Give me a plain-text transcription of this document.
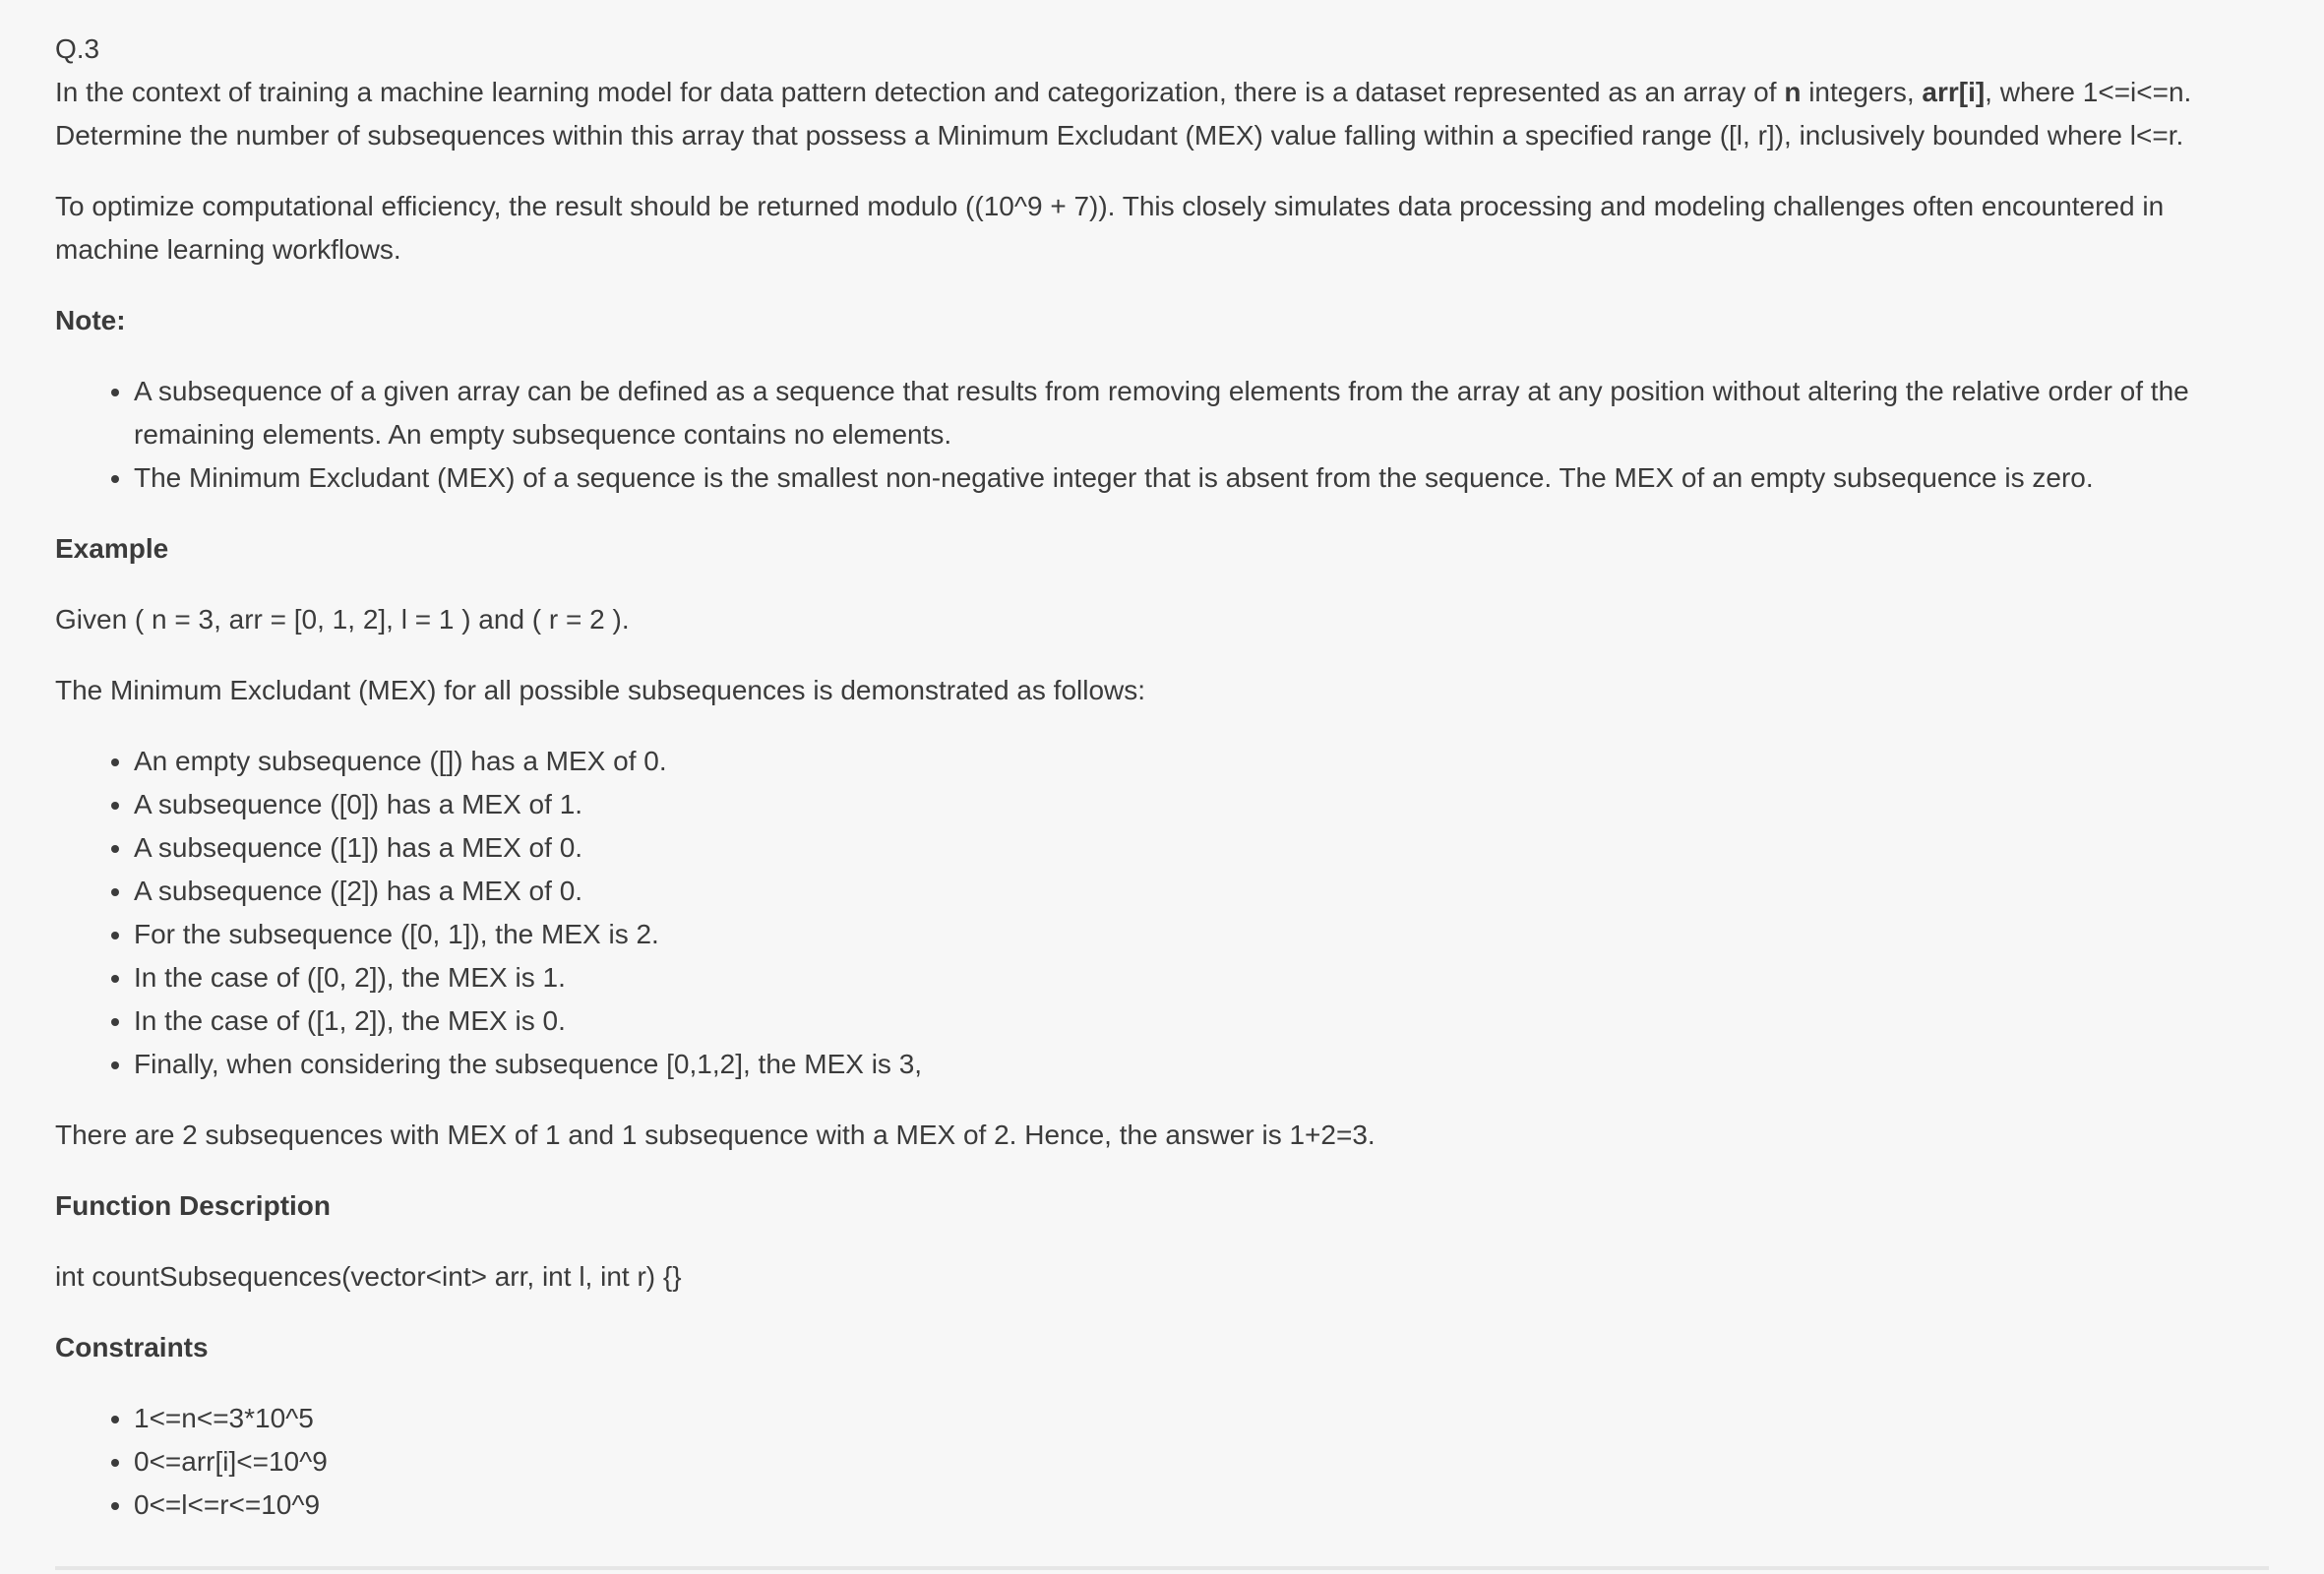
Q.3

In the context of training a machine learning model for data pattern detection and categorization, there is a dataset represented as an array of n integers, arr[i], where 1<=i<=n. Determine the number of subsequences within this array that possess a Minimum Excludant (MEX) value falling within a specified range ([l, r]), inclusively bounded where l<=r.

To optimize computational efficiency, the result should be returned modulo ((10^9 + 7)). This closely simulates data processing and modeling challenges often encountered in machine learning workflows.

Note:

• A subsequence of a given array can be defined as a sequence that results from removing elements from the array at any position without altering the relative order of the remaining elements. An empty subsequence contains no elements.
• The Minimum Excludant (MEX) of a sequence is the smallest non-negative integer that is absent from the sequence. The MEX of an empty subsequence is zero.

Example

Given ( n = 3, arr = [0, 1, 2], l = 1 ) and ( r = 2 ).

The Minimum Excludant (MEX) for all possible subsequences is demonstrated as follows:

• An empty subsequence ([]) has a MEX of 0.
• A subsequence ([0]) has a MEX of 1.
• A subsequence ([1]) has a MEX of 0.
• A subsequence ([2]) has a MEX of 0.
• For the subsequence ([0, 1]), the MEX is 2.
• In the case of ([0, 2]), the MEX is 1.
• In the case of ([1, 2]), the MEX is 0.
• Finally, when considering the subsequence [0,1,2], the MEX is 3,

There are 2 subsequences with MEX of 1 and 1 subsequence with a MEX of 2. Hence, the answer is 1+2=3.

Function Description

int countSubsequences(vector<int> arr, int l, int r) {}

Constraints

• 1<=n<=3*10^5
• 0<=arr[i]<=10^9
• 0<=l<=r<=10^9
